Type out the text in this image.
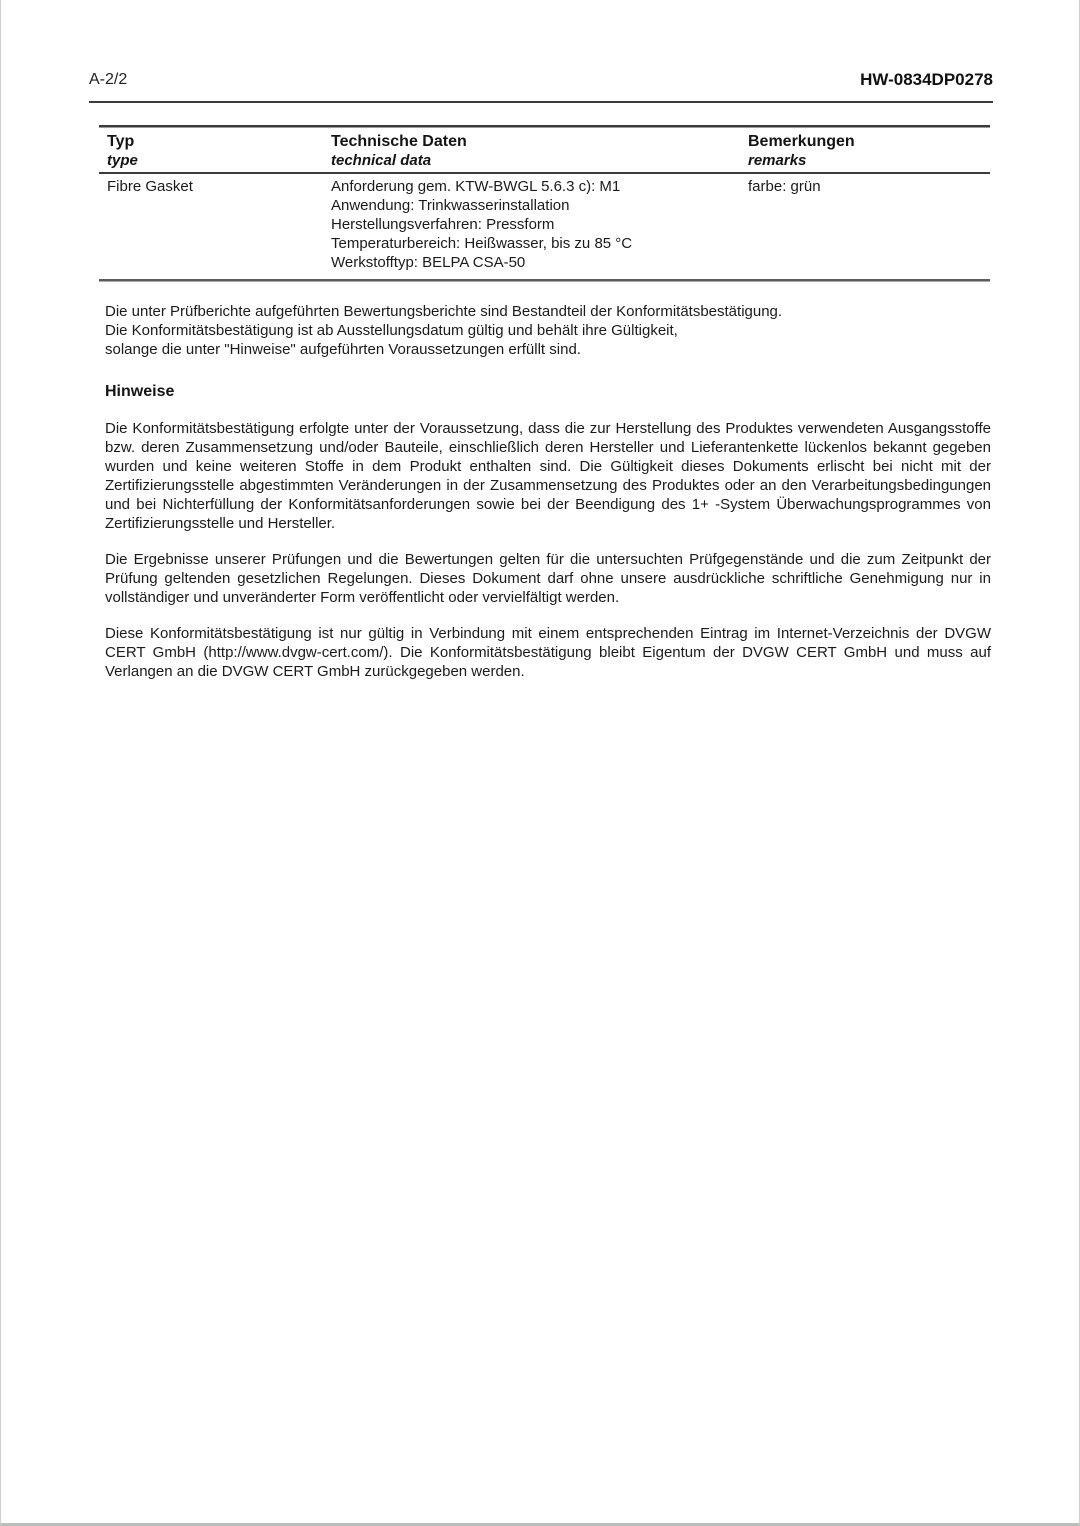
A-2/2	HW-0834DP0278
Typ
type
Technische Daten
technical data
Bemerkungen
remarks
Fibre Gasket	Anforderung gem. KTW-BWGL 5.6.3 c): M1
Anwendung: Trinkwasserinstallation
Herstellungsverfahren: Pressform
Temperaturbereich: Heißwasser, bis zu 85 °C
Werkstofftyp: BELPA CSA-50
farbe: grün
Die unter Prüfberichte aufgeführten Bewertungsberichte sind Bestandteil der Konformitätsbestätigung.
Die Konformitätsbestätigung ist ab Ausstellungsdatum gültig und behält ihre Gültigkeit,
solange die unter "Hinweise" aufgeführten Voraussetzungen erfüllt sind.
Hinweise

Die Konformitätsbestätigung erfolgte unter der Voraussetzung, dass die zur Herstellung des Produktes verwendeten Ausgangsstoffe bzw. deren Zusammensetzung und/oder Bauteile, einschließlich deren Hersteller und Lieferantenkette lückenlos bekannt gegeben wurden und keine weiteren Stoffe in dem Produkt enthalten sind. Die Gültigkeit dieses Dokuments erlischt bei nicht mit der Zertifizierungsstelle abgestimmten Veränderungen in der Zusammensetzung des Produktes oder an den Verarbeitungsbedingungen und bei Nichterfüllung der Konformitätsanforderungen sowie bei der Beendigung des 1+ -System Überwachungsprogrammes von Zertifizierungsstelle und Hersteller.

Die Ergebnisse unserer Prüfungen und die Bewertungen gelten für die untersuchten Prüfgegenstände und die zum Zeitpunkt der Prüfung geltenden gesetzlichen Regelungen. Dieses Dokument darf ohne unsere ausdrückliche schriftliche Genehmigung nur in vollständiger und unveränderter Form veröffentlicht oder vervielfältigt werden.

Diese Konformitätsbestätigung ist nur gültig in Verbindung mit einem entsprechenden Eintrag im Internet-Verzeichnis der DVGW CERT GmbH (http://www.dvgw-cert.com/). Die Konformitätsbestätigung bleibt Eigentum der DVGW CERT GmbH und muss auf Verlangen an die DVGW CERT GmbH zurückgegeben werden.
